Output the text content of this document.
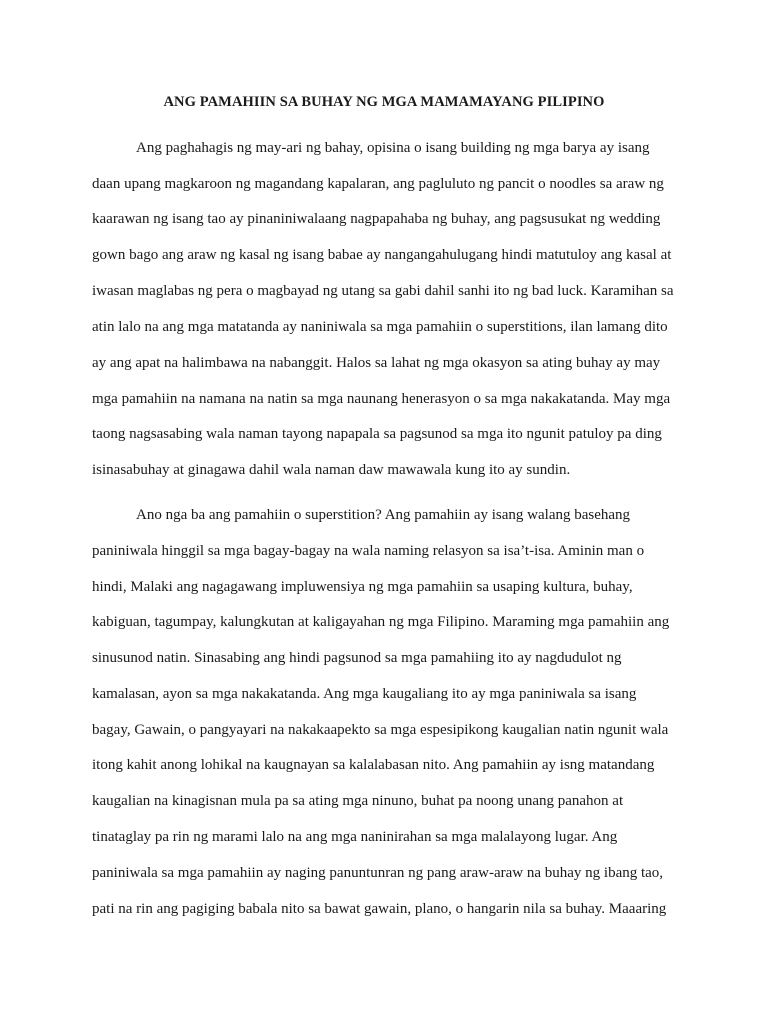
ANG PAMAHIIN SA BUHAY NG MGA MAMAMAYANG PILIPINO
Ang paghahagis ng may-ari ng bahay, opisina o isang building ng mga barya ay isang
daan upang magkaroon ng magandang kapalaran, ang pagluluto ng pancit o noodles sa araw ng
kaarawan ng isang tao ay pinaniniwalaang nagpapahaba ng buhay, ang pagsusukat ng wedding
gown bago ang araw ng kasal ng isang babae ay nangangahulugang hindi matutuloy ang kasal at
iwasan maglabas ng pera o magbayad ng utang sa gabi dahil sanhi ito ng bad luck. Karamihan sa
atin lalo na ang mga matatanda ay naniniwala sa mga pamahiin o superstitions, ilan lamang dito
ay ang apat na halimbawa na nabanggit. Halos sa lahat ng mga okasyon sa ating buhay ay may
mga pamahiin na namana na natin sa mga naunang henerasyon o sa mga nakakatanda. May mga
taong nagsasabing wala naman tayong napapala sa pagsunod sa mga ito ngunit patuloy pa ding
isinasabuhay at ginagawa dahil wala naman daw mawawala kung ito ay sundin.
Ano nga ba ang pamahiin o superstition? Ang pamahiin ay isang walang basehang
paniniwala hinggil sa mga bagay-bagay na wala naming relasyon sa isa’t-isa. Aminin man o
hindi, Malaki ang nagagawang impluwensiya ng mga pamahiin sa usaping kultura, buhay,
kabiguan, tagumpay, kalungkutan at kaligayahan ng mga Filipino. Maraming mga pamahiin ang
sinusunod natin. Sinasabing ang hindi pagsunod sa mga pamahiing ito ay nagdudulot ng
kamalasan, ayon sa mga nakakatanda. Ang mga kaugaliang ito ay mga paniniwala sa isang
bagay, Gawain, o pangyayari na nakakaapekto sa mga espesipikong kaugalian natin ngunit wala
itong kahit anong lohikal na kaugnayan sa kalalabasan nito. Ang pamahiin ay isng matandang
kaugalian na kinagisnan mula pa sa ating mga ninuno, buhat pa noong unang panahon at
tinataglay pa rin ng marami lalo na ang mga naninirahan sa mga malalayong lugar. Ang
paniniwala sa mga pamahiin ay naging panuntunran ng pang araw-araw na buhay ng ibang tao,
pati na rin ang pagiging babala nito sa bawat gawain, plano, o hangarin nila sa buhay. Maaaring
